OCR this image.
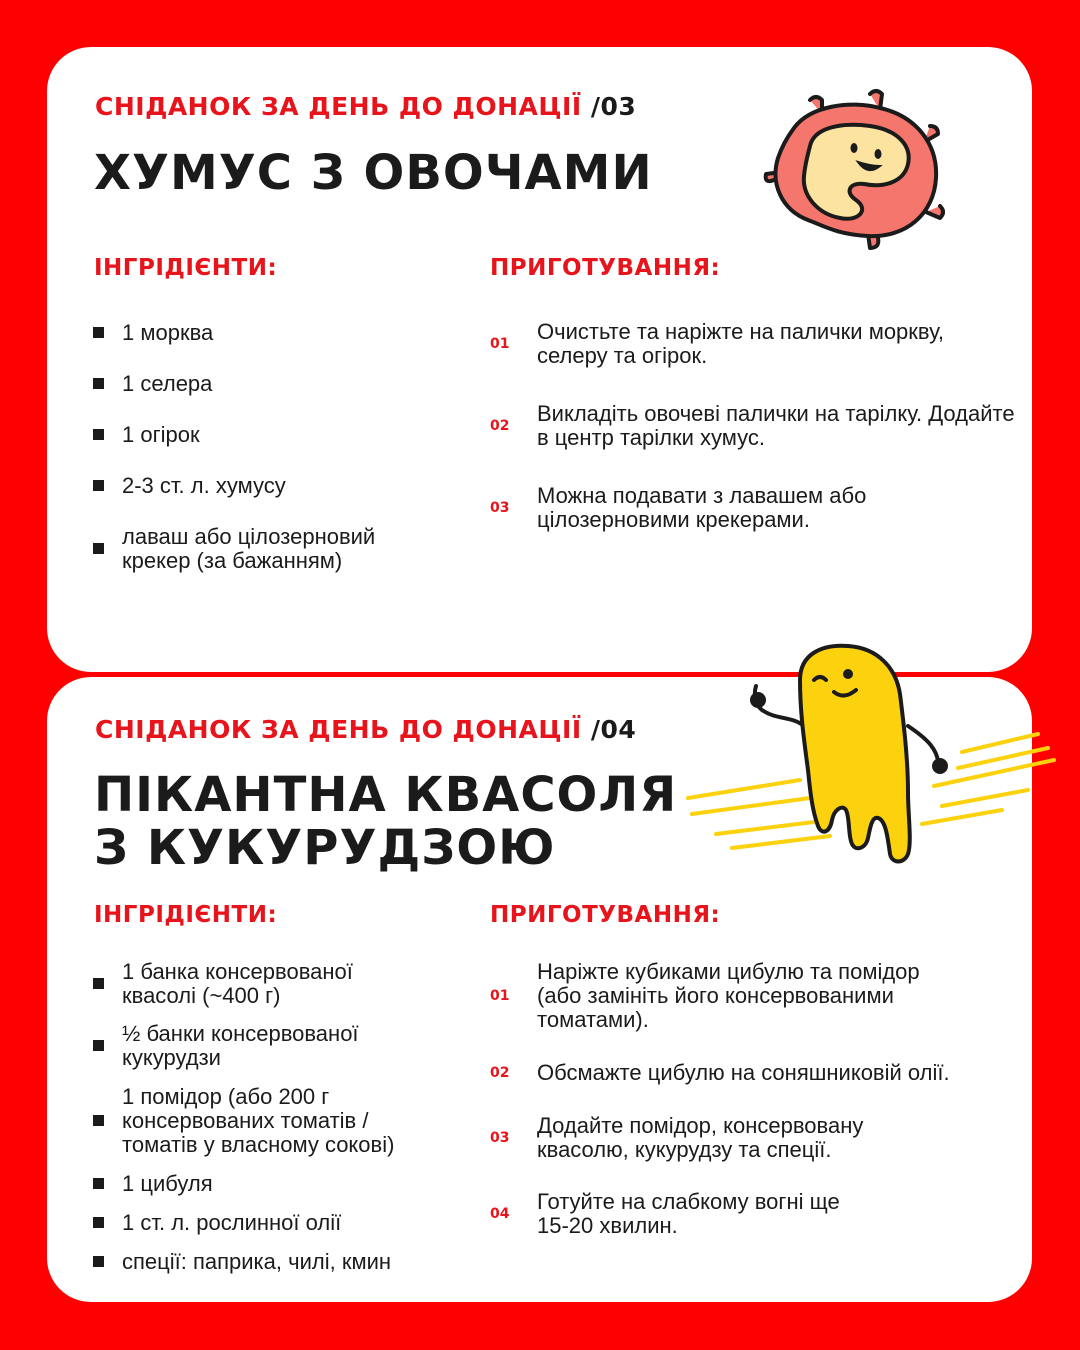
СНІДАНОК ЗА ДЕНЬ ДО ДОНАЦІЇ /03
ХУМУС З ОВОЧАМИ
ІНГРІДІЄНТИ:	ПРИГОТУВАННЯ:
1 морква
1 селера
1 огірок
2-3 ст. л. хумусу
лаваш або цілозерновий крекер (за бажанням)
01 Очистьте та наріжте на палички моркву, селеру та огірок.
02 Викладіть овочеві палички на тарілку. Додайте в центр тарілки хумус.
03 Можна подавати з лавашем або цілозерновими крекерами.
СНІДАНОК ЗА ДЕНЬ ДО ДОНАЦІЇ /04
ПІКАНТНА КВАСОЛЯ
З КУКУРУДЗОЮ
ІНГРІДІЄНТИ:	ПРИГОТУВАННЯ:
1 банка консервованої квасолі (~400 г)
½ банки консервованої кукурудзи
1 помідор (або 200 г консервованих томатів / томатів у власному сокові)
1 цибуля
1 ст. л. рослинної олії
спеції: паприка, чилі, кмин
01
Наріжте кубиками цибулю та помідор (або замініть його консервованими томатами).
02 Обсмажте цибулю на соняшниковій олії.
03 Додайте помідор, консервовану квасолю, кукурудзу та спеції.
04 Готуйте на слабкому вогні ще 15-20 хвилин.
